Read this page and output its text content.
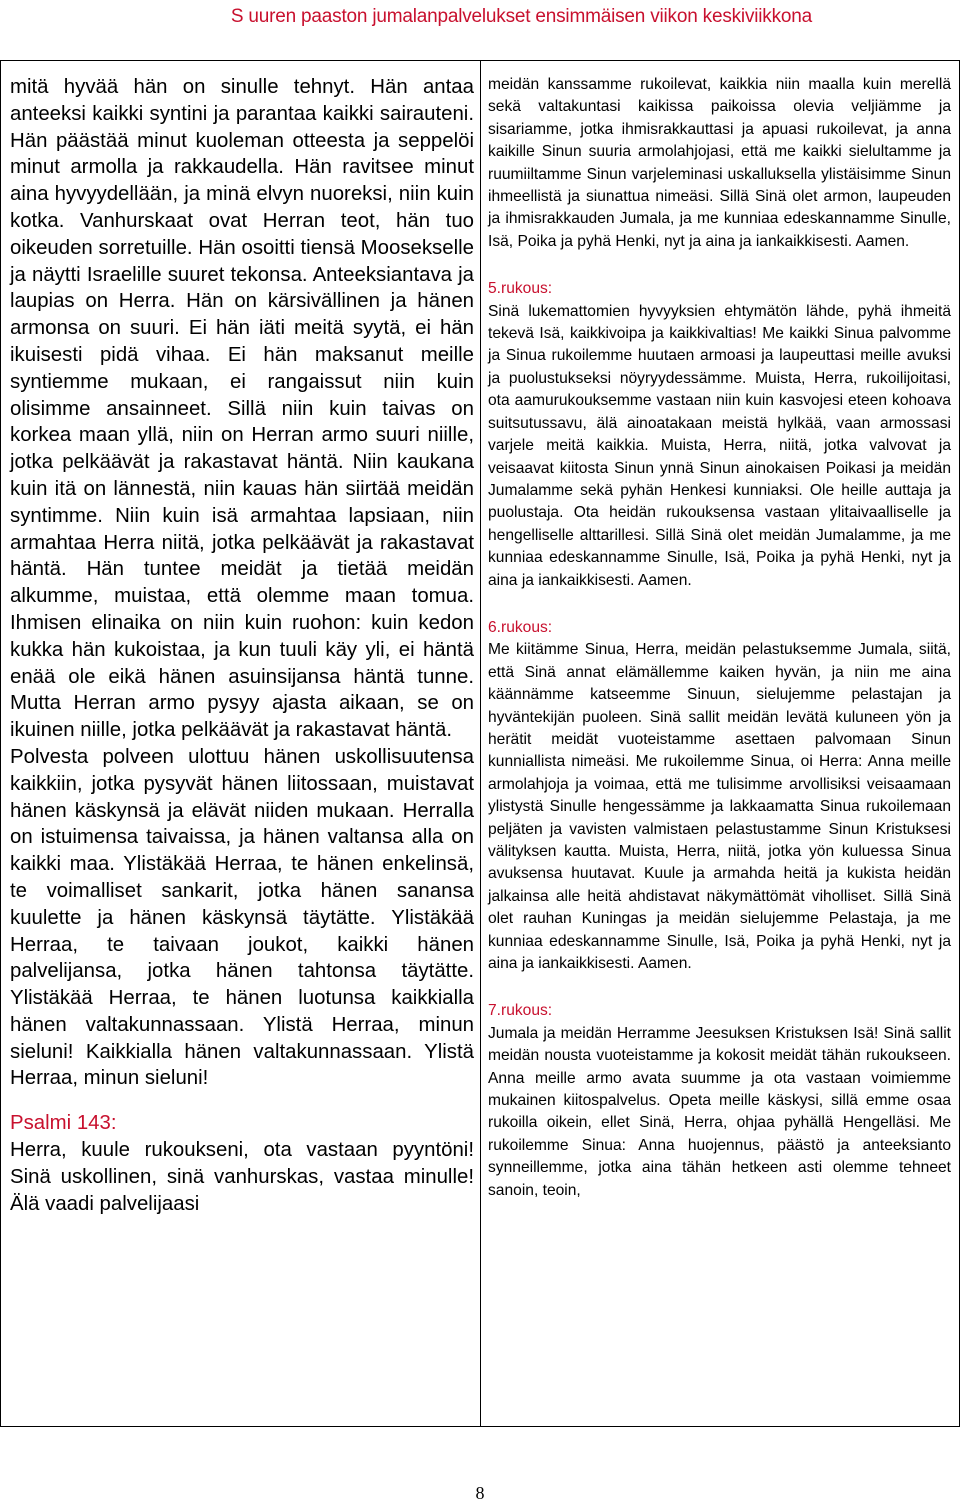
S uuren paaston jumalanpalvelukset ensimmäisen viikon keskiviikkona

mitä hyvää hän on sinulle tehnyt. Hän antaa anteeksi kaikki syntini ja parantaa kaikki sairauteni. Hän päästää minut kuoleman otteesta ja seppelöi minut armolla ja rakkaudella. Hän ravitsee minut aina hyvyydellään, ja minä elvyn nuoreksi, niin kuin kotka. Vanhurskaat ovat Herran teot, hän tuo oikeuden sorretuille. Hän osoitti tiensä Moosekselle ja näytti Israelille suuret tekonsa. Anteeksiantava ja laupias on Herra. Hän on kärsivällinen ja hänen armonsa on suuri. Ei hän iäti meitä syytä, ei hän ikuisesti pidä vihaa. Ei hän maksanut meille syntiemme mukaan, ei rangaissut niin kuin olisimme ansainneet. Sillä niin kuin taivas on korkea maan yllä, niin on Herran armo suuri niille, jotka pelkäävät ja rakastavat häntä. Niin kaukana kuin itä on lännestä, niin kauas hän siirtää meidän syntimme. Niin kuin isä armahtaa lapsiaan, niin armahtaa Herra niitä, jotka pelkäävät ja rakastavat häntä. Hän tuntee meidät ja tietää meidän alkumme, muistaa, että olemme maan tomua. Ihmisen elinaika on niin kuin ruohon: kuin kedon kukka hän kukoistaa, ja kun tuuli käy yli, ei häntä enää ole eikä hänen asuinsijansa häntä tunne. Mutta Herran armo pysyy ajasta aikaan, se on ikuinen niille, jotka pelkäävät ja rakastavat häntä.

Polvesta polveen ulottuu hänen uskollisuutensa kaikkiin, jotka pysyvät hänen liitossaan, muistavat hänen käskynsä ja elävät niiden mukaan. Herralla on istuimensa taivaissa, ja hänen valtansa alla on kaikki maa. Ylistäkää Herraa, te hänen enkelinsä, te voimalliset sankarit, jotka hänen sanansa kuulette ja hänen käskynsä täytätte. Ylistäkää Herraa, te taivaan joukot, kaikki hänen palvelijansa, jotka hänen tahtonsa täytätte. Ylistäkää Herraa, te hänen luotunsa kaikkialla hänen valtakunnassaan. Ylistä Herraa, minun sieluni! Kaikkialla hänen valtakunnassaan. Ylistä Herraa, minun sieluni!

Psalmi 143:

Herra, kuule rukoukseni, ota vastaan pyyntöni! Sinä uskollinen, sinä vanhurskas, vastaa minulle! Älä vaadi palvelijaasi

meidän kanssamme rukoilevat, kaikkia niin maalla kuin merellä sekä valtakuntasi kaikissa paikoissa olevia veljiämme ja sisariamme, jotka ihmisrakkauttasi ja apuasi rukoilevat, ja anna kaikille Sinun suuria armolahjojasi, että me kaikki sielultamme ja ruumiiltamme Sinun varjeleminasi uskalluksella ylistäisimme Sinun ihmeellistä ja siunattua nimeäsi. Sillä Sinä olet armon, laupeuden ja ihmisrakkauden Jumala, ja me kunniaa edeskannamme Sinulle, Isä, Poika ja pyhä Henki, nyt ja aina ja iankaikkisesti. Aamen.

5.rukous:

Sinä lukemattomien hyvyyksien ehtymätön lähde, pyhä ihmeitä tekevä Isä, kaikkivoipa ja kaikkivaltias! Me kaikki Sinua palvomme ja Sinua rukoilemme huutaen armoasi ja laupeuttasi meille avuksi ja puolustukseksi nöyryydessämme. Muista, Herra, rukoilijoitasi, ota aamurukouksemme vastaan niin kuin kasvojesi eteen kohoava suitsutussavu, älä ainoatakaan meistä hylkää, vaan armossasi varjele meitä kaikkia. Muista, Herra, niitä, jotka valvovat ja veisaavat kiitosta Sinun ynnä Sinun ainokaisen Poikasi ja meidän Jumalamme sekä pyhän Henkesi kunniaksi. Ole heille auttaja ja puolustaja. Ota heidän rukouksensa vastaan ylitaivaalliselle ja hengelliselle alttarillesi. Sillä Sinä olet meidän Jumalamme, ja me kunniaa edeskannamme Sinulle, Isä, Poika ja pyhä Henki, nyt ja aina ja iankaikkisesti. Aamen.

6.rukous:

Me kiitämme Sinua, Herra, meidän pelastuksemme Jumala, siitä, että Sinä annat elämällemme kaiken hyvän, ja niin me aina käännämme katseemme Sinuun, sielujemme pelastajan ja hyväntekijän puoleen. Sinä sallit meidän levätä kuluneen yön ja herätit meidät vuoteistamme asettaen palvomaan Sinun kunniallista nimeäsi. Me rukoilemme Sinua, oi Herra: Anna meille armolahjoja ja voimaa, että me tulisimme arvollisiksi veisaamaan ylistystä Sinulle hengessämme ja lakkaamatta Sinua rukoilemaan peljäten ja vavisten valmistaen pelastustamme Sinun Kristuksesi välityksen kautta. Muista, Herra, niitä, jotka yön kuluessa Sinua avuksensa huutavat. Kuule ja armahda heitä ja kukista heidän jalkainsa alle heitä ahdistavat näkymättömät viholliset. Sillä Sinä olet rauhan Kuningas ja meidän sielujemme Pelastaja, ja me kunniaa edeskannamme Sinulle, Isä, Poika ja pyhä Henki, nyt ja aina ja iankaikkisesti. Aamen.

7.rukous:

Jumala ja meidän Herramme Jeesuksen Kristuksen Isä! Sinä sallit meidän nousta vuoteistamme ja kokosit meidät tähän rukoukseen. Anna meille armo avata suumme ja ota vastaan voimiemme mukainen kiitospalvelus. Opeta meille käskysi, sillä emme osaa rukoilla oikein, ellet Sinä, Herra, ohjaa pyhällä Hengelläsi. Me rukoilemme Sinua: Anna huojennus, päästö ja anteeksianto synneillemme, jotka aina tähän hetkeen asti olemme tehneet sanoin, teoin,

8
